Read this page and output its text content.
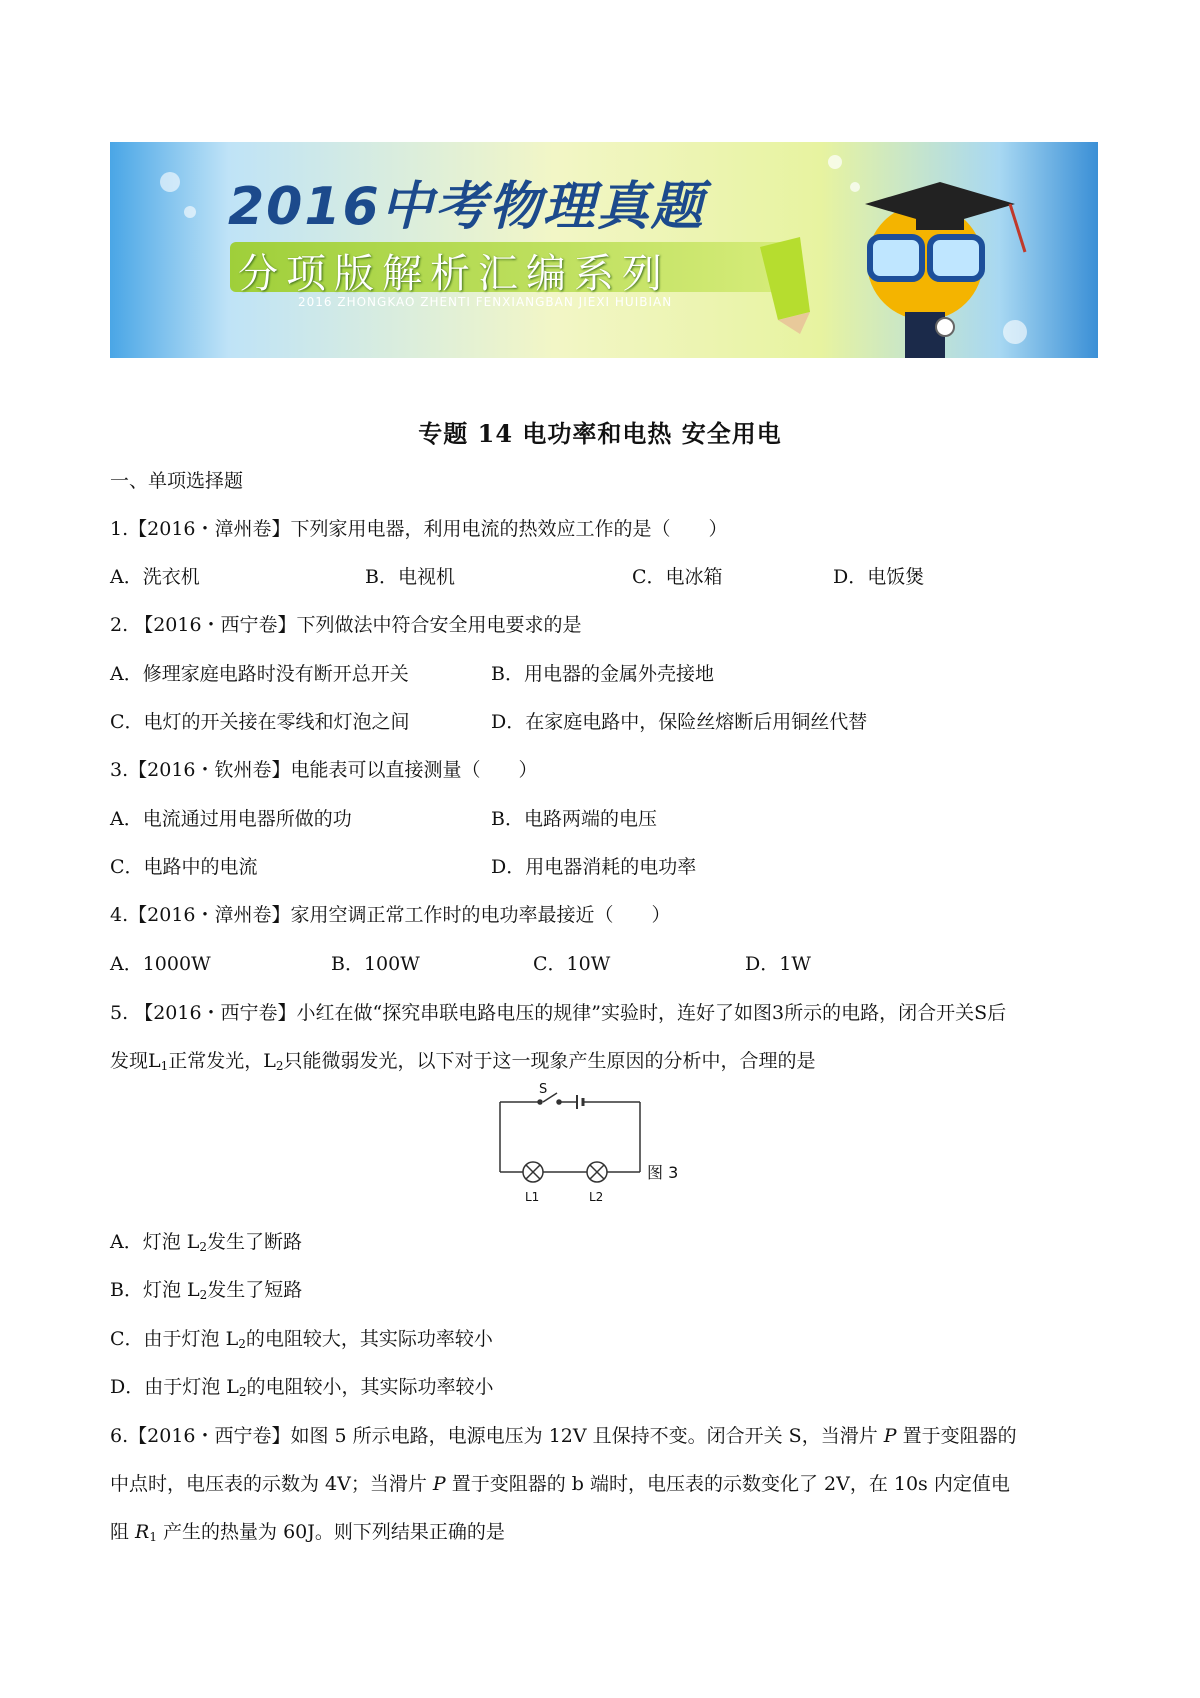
2016中考物理真题
分项版解析汇编系列
2016 ZHONGKAO ZHENTI FENXIANGBAN JIEXI HUIBIAN
专题 14 电功率和电热 安全用电
一、单项选择题
1.【2016・漳州卷】下列家用电器，利用电流的热效应工作的是（　　）
A．洗衣机	B．电视机	C．电冰箱	D．电饭煲
2. 【2016・西宁卷】下列做法中符合安全用电要求的是
A．修理家庭电路时没有断开总开关	B．用电器的金属外壳接地
C．电灯的开关接在零线和灯泡之间	D．在家庭电路中，保险丝熔断后用铜丝代替
3.【2016・钦州卷】电能表可以直接测量（　　）
A．电流通过用电器所做的功	B．电路两端的电压
C．电路中的电流	D．用电器消耗的电功率
4.【2016・漳州卷】家用空调正常工作时的电功率最接近（　　）
A．1000W	B．100W	C．10W	D．1W
5. 【2016・西宁卷】小红在做“探究串联电路电压的规律”实验时，连好了如图3所示的电路，闭合开关S后
发现$L_1$正常发光，$L_2$只能微弱发光，以下对于这一现象产生原因的分析中，合理的是
S
L1	L2
图 3
A．灯泡 $L_2$发生了断路
B．灯泡 $L_2$发生了短路
C．由于灯泡 $L_2$的电阻较大，其实际功率较小
D．由于灯泡 $L_2$的电阻较小，其实际功率较小
6.【2016・西宁卷】如图 5 所示电路，电源电压为 12V 且保持不变。闭合开关 S，当滑片 P 置于变阻器的
中点时，电压表的示数为 4V；当滑片 P 置于变阻器的 b 端时，电压表的示数变化了 2V，在 10s 内定值电
阻 $R_1$ 产生的热量为 60J。则下列结果正确的是
